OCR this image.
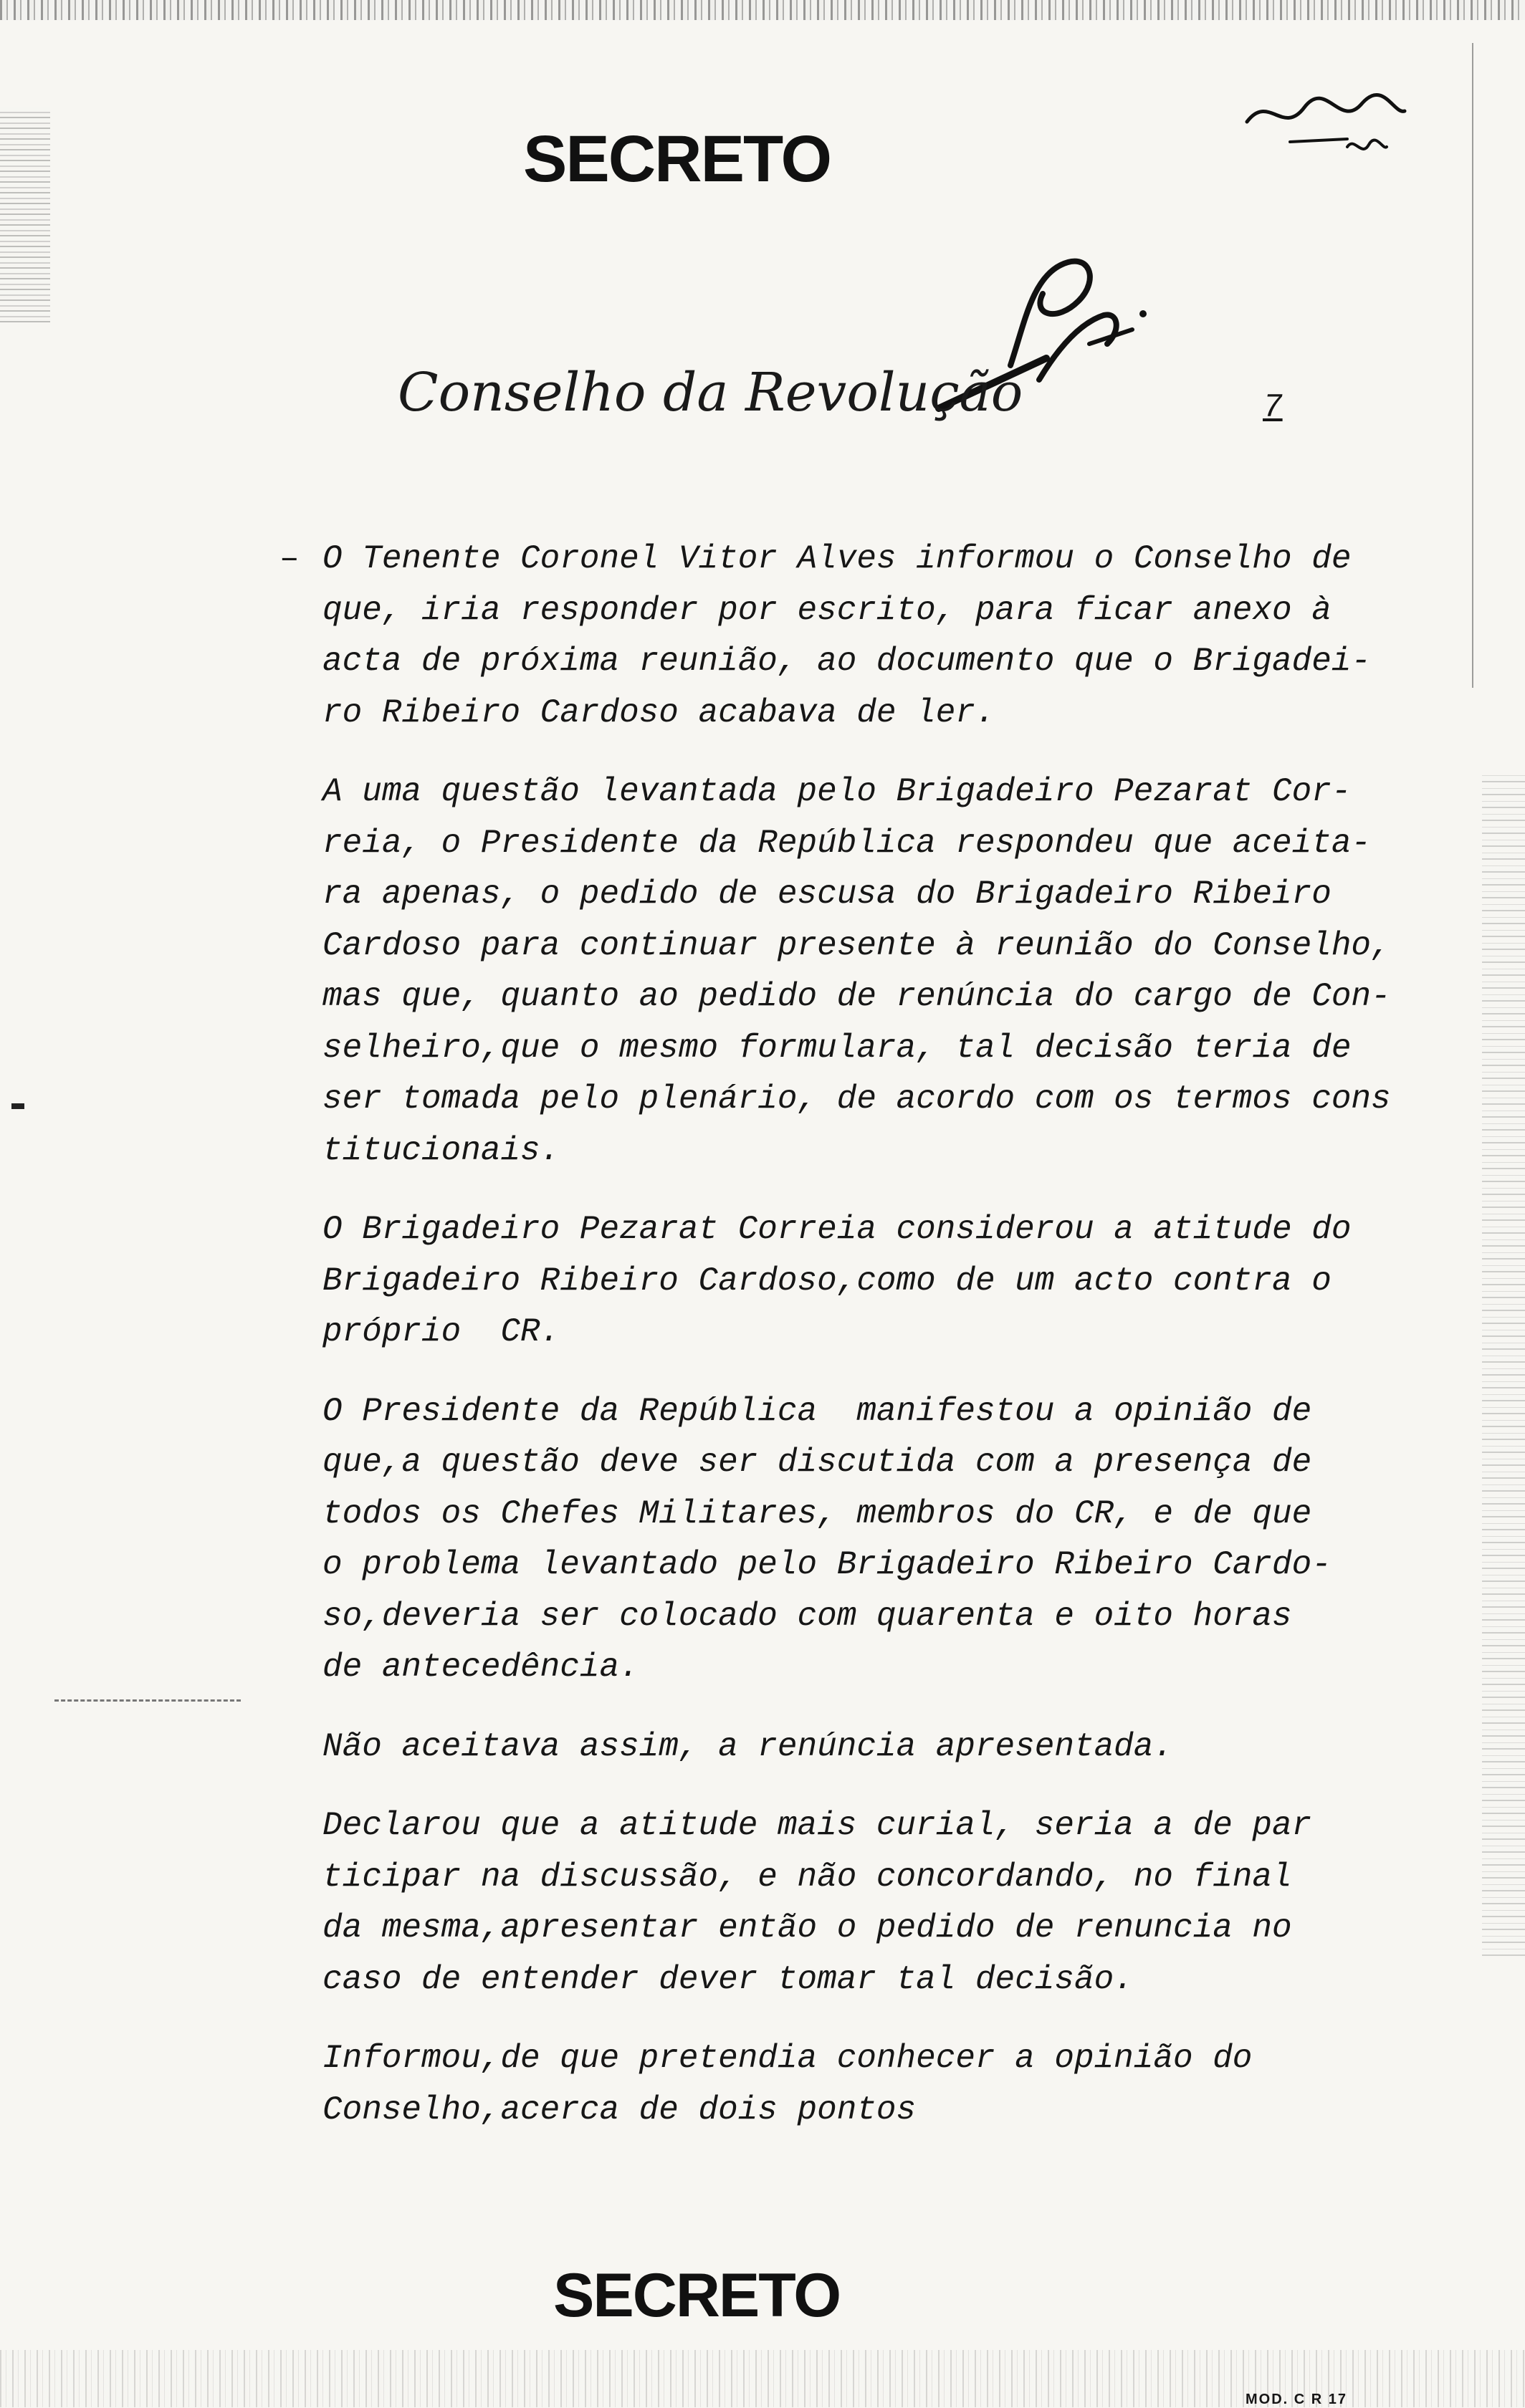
SECRETO
Conselho da Revolução	7
– O Tenente Coronel Vitor Alves informou o Conselho de
que, iria responder por escrito, para ficar anexo à
acta de próxima reunião, ao documento que o Brigadei-
ro Ribeiro Cardoso acabava de ler.
A uma questão levantada pelo Brigadeiro Pezarat Cor-
reia, o Presidente da República respondeu que aceita-
ra apenas, o pedido de escusa do Brigadeiro Ribeiro
Cardoso para continuar presente à reunião do Conselho,
mas que, quanto ao pedido de renúncia do cargo de Con-
selheiro,que o mesmo formulara, tal decisão teria de
ser tomada pelo plenário, de acordo com os termos cons
titucionais.
O Brigadeiro Pezarat Correia considerou a atitude do
Brigadeiro Ribeiro Cardoso,como de um acto contra o
próprio  CR.
O Presidente da República  manifestou a opinião de
que,a questão deve ser discutida com a presença de
todos os Chefes Militares, membros do CR, e de que
o problema levantado pelo Brigadeiro Ribeiro Cardo-
so,deveria ser colocado com quarenta e oito horas
de antecedência.
Não aceitava assim, a renúncia apresentada.
Declarou que a atitude mais curial, seria a de par
ticipar na discussão, e não concordando, no final
da mesma,apresentar então o pedido de renuncia no
caso de entender dever tomar tal decisão.
Informou,de que pretendia conhecer a opinião do
Conselho,acerca de dois pontos
SECRETO
MOD. C R 17
